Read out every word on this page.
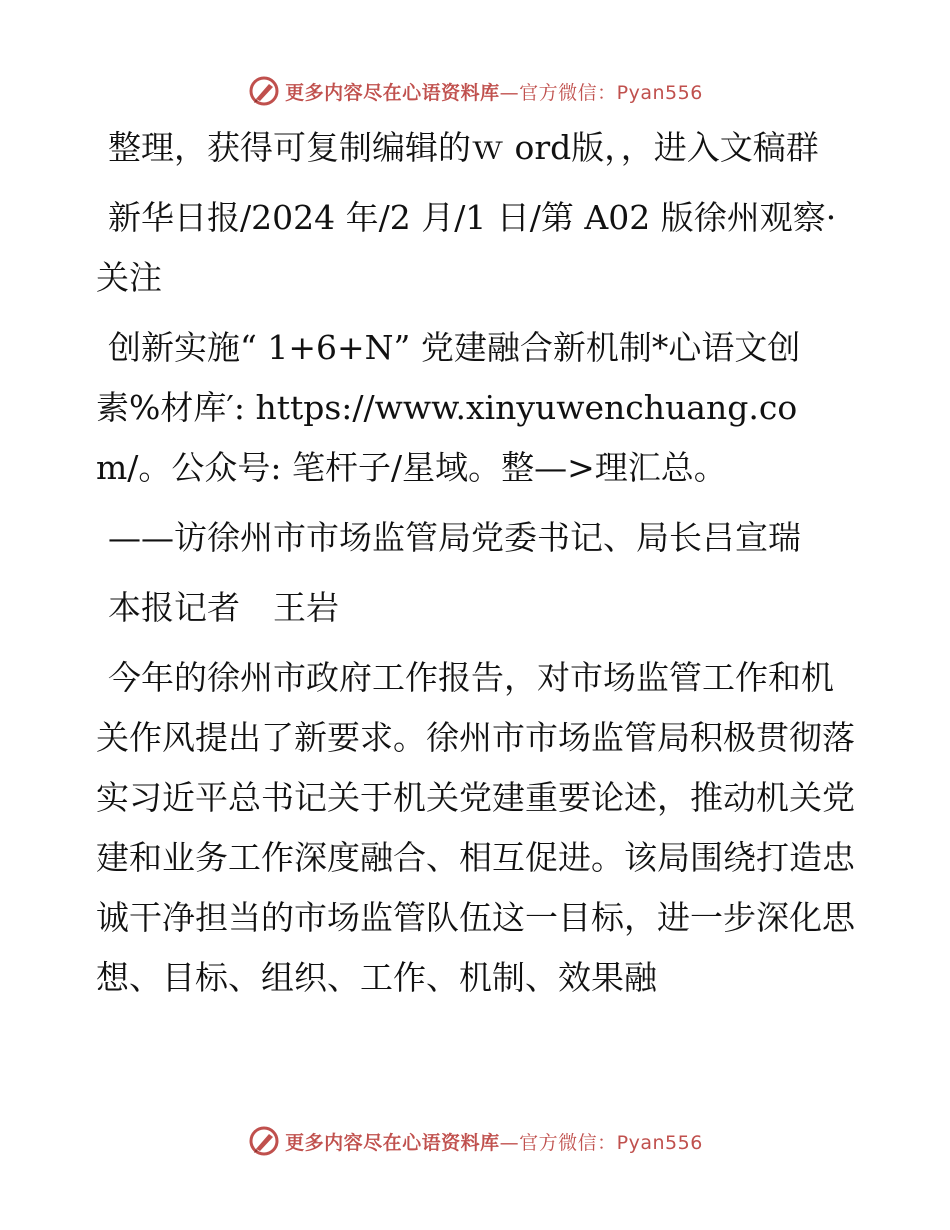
更多内容尽在心语资料库 —官方微信：Pyan556

整理，获得可复制编辑的ｗ ord版，，进入文稿群

新华日报/2024 年/2 月/1 日/第 A02 版徐州观察· 关注

创新实施“ 1+6+N” 党建融合新机制*心语文创素%材库′: https://www.xinyuwenchuang.com/。公众号: 笔杆子/星域。整—>理汇总。

——访徐州市市场监管局党委书记、局长吕宣瑞

本报记者　王岩

今年的徐州市政府工作报告，对市场监管工作和机关作风提出了新要求。徐州市市场监管局积极贯彻落实习近平总书记关于机关党建重要论述，推动机关党建和业务工作深度融合、相互促进。该局围绕打造忠诚干净担当的市场监管队伍这一目标，进一步深化思想、目标、组织、工作、机制、效果融

更多内容尽在心语资料库 —官方微信：Pyan556
